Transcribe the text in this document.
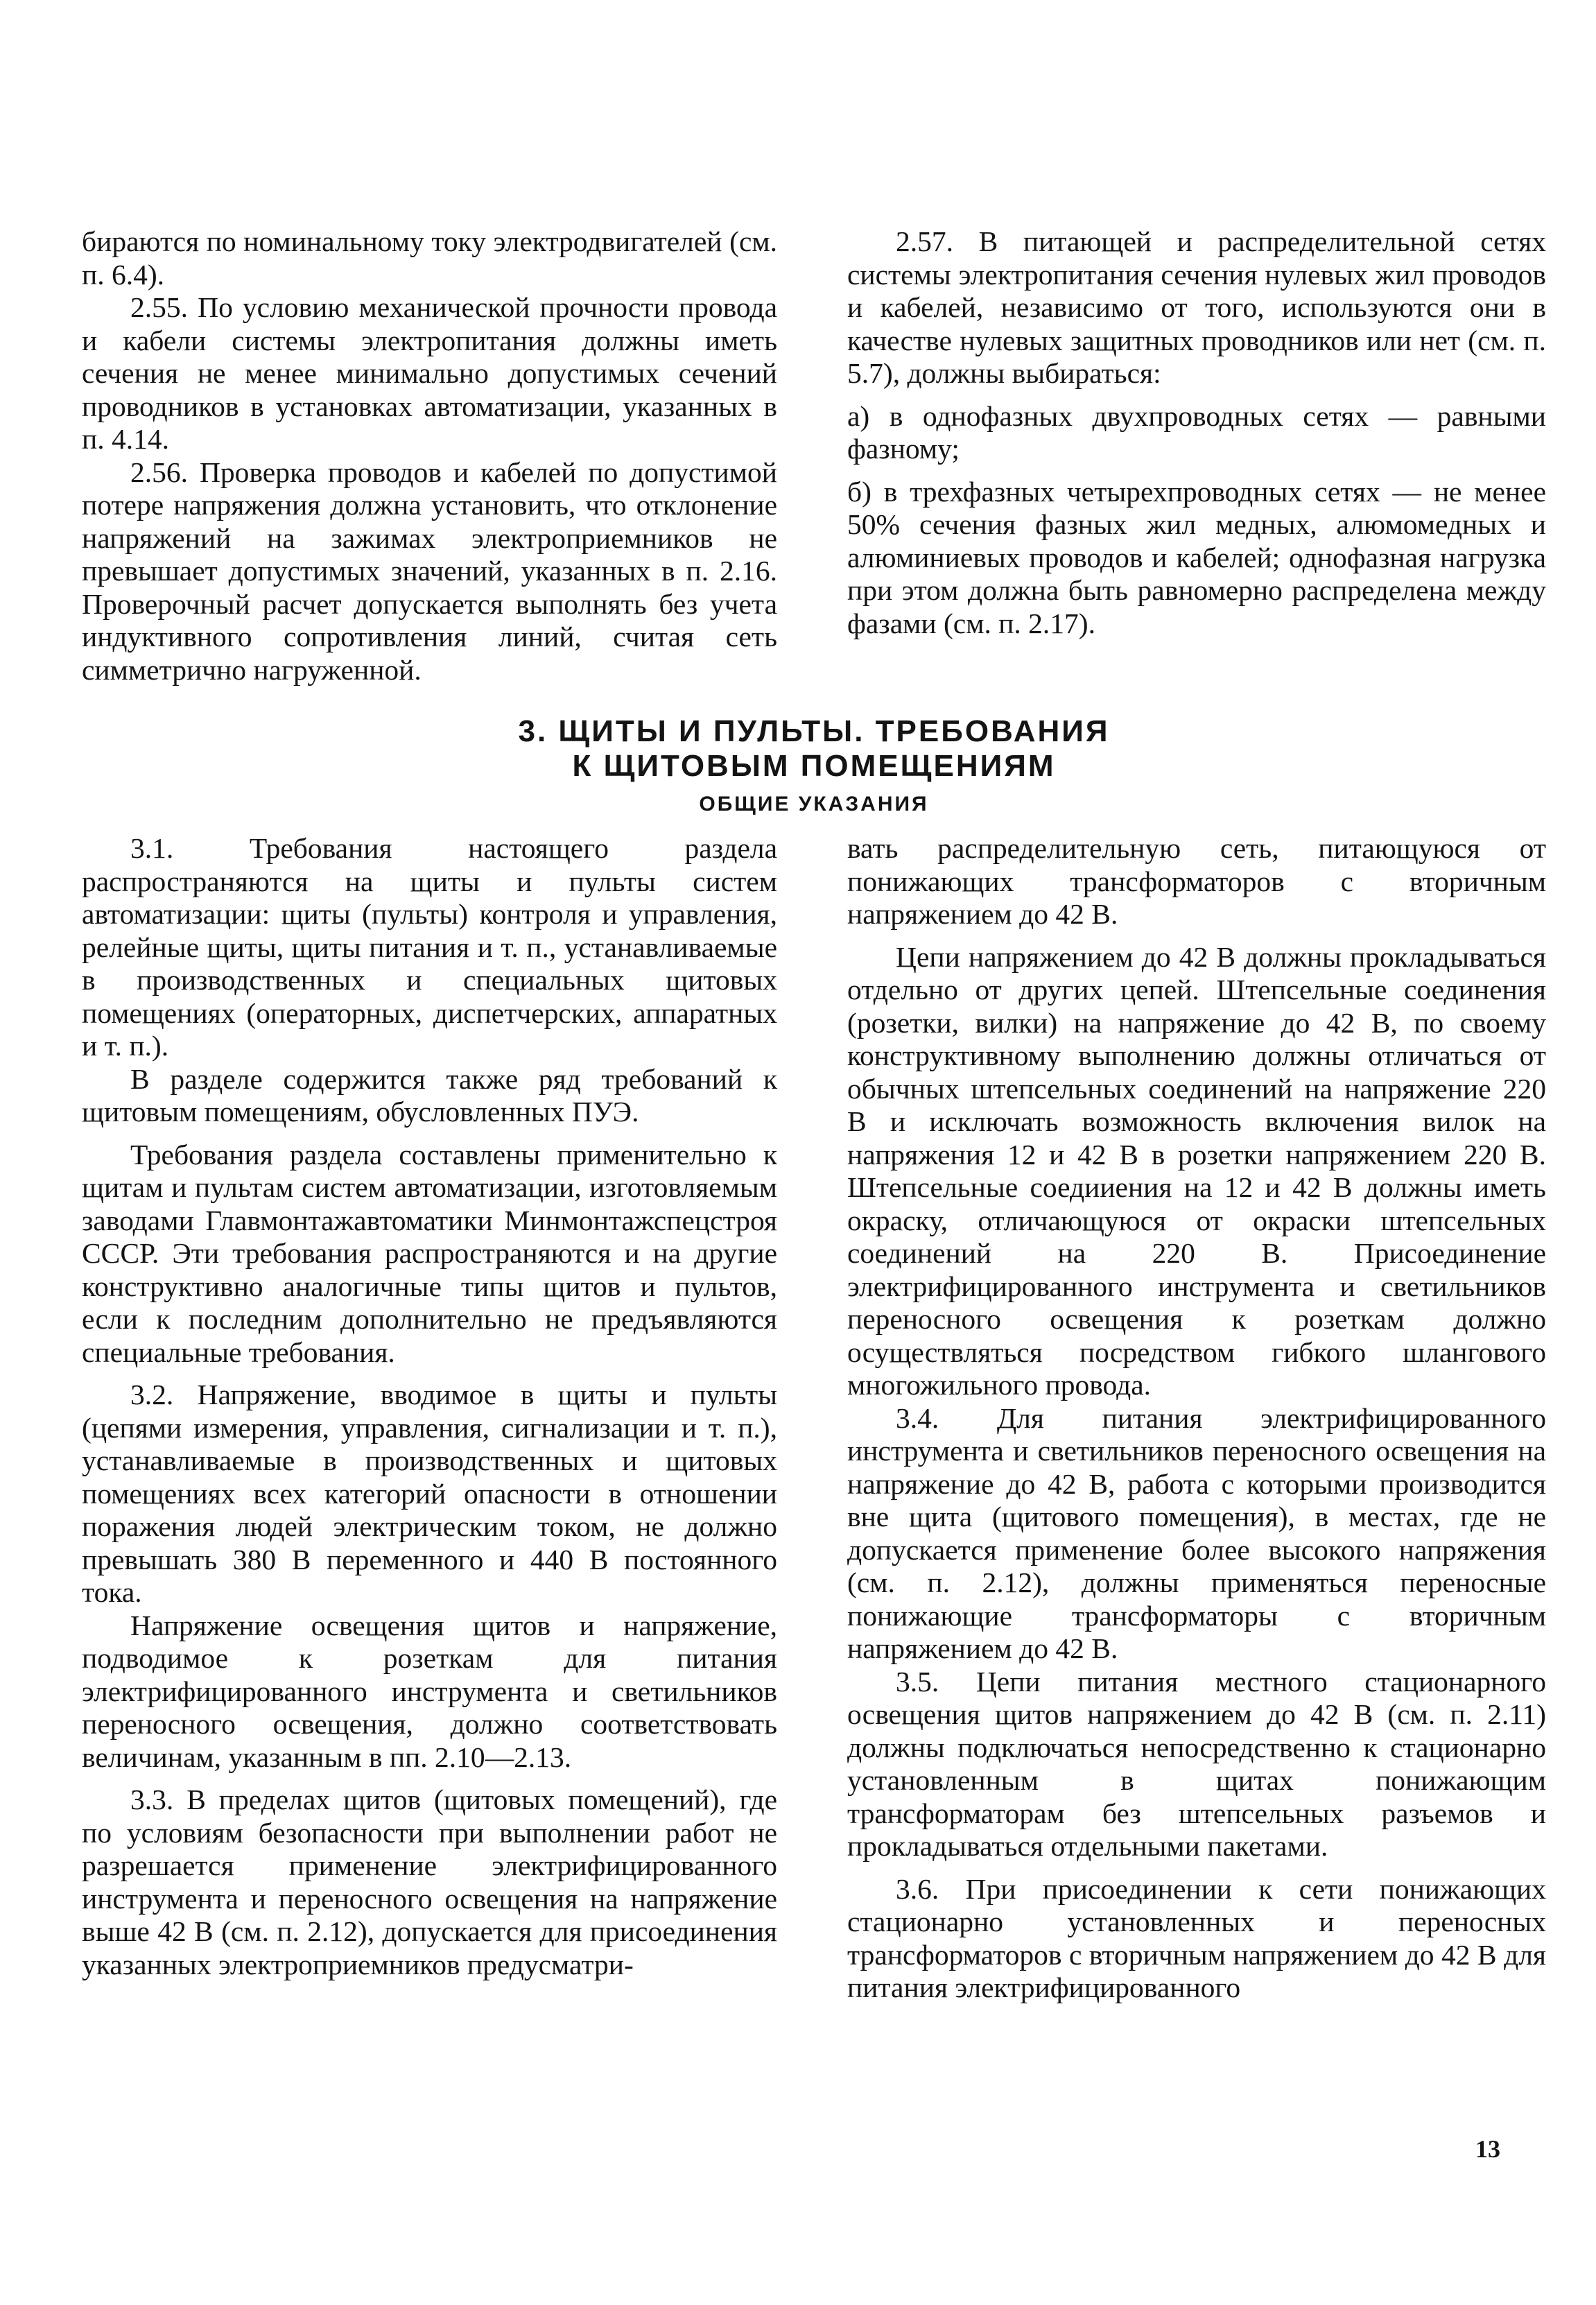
бираются по номинальному току электродвигателей (см. п. 6.4).

2.55. По условию механической прочности провода и кабели системы электропитания должны иметь сечения не менее минимально допустимых сечений проводников в установках автоматизации, указанных в п. 4.14.

2.56. Проверка проводов и кабелей по допустимой потере напряжения должна установить, что отклонение напряжений на зажимах электроприемников не превышает допустимых значений, указанных в п. 2.16. Проверочный расчет допускается выполнять без учета индуктивного сопротивления линий, считая сеть симметрично нагруженной.

2.57. В питающей и распределительной сетях системы электропитания сечения нулевых жил проводов и кабелей, независимо от того, используются они в качестве нулевых защитных проводников или нет (см. п. 5.7), должны выбираться:

а) в однофазных двухпроводных сетях — равными фазному;

б) в трехфазных четырехпроводных сетях — не менее 50% сечения фазных жил медных, алюмомедных и алюминиевых проводов и кабелей; однофазная нагрузка при этом должна быть равномерно распределена между фазами (см. п. 2.17).

3. ЩИТЫ И ПУЛЬТЫ. ТРЕБОВАНИЯ

К ЩИТОВЫМ ПОМЕЩЕНИЯМ

ОБЩИЕ УКАЗАНИЯ

3.1. Требования настоящего раздела распространяются на щиты и пульты систем автоматизации: щиты (пульты) контроля и управления, релейные щиты, щиты питания и т. п., устанавливаемые в производственных и специальных щитовых помещениях (операторных, диспетчерских, аппаратных и т. п.).

В разделе содержится также ряд требований к щитовым помещениям, обусловленных ПУЭ.

Требования раздела составлены применительно к щитам и пультам систем автоматизации, изготовляемым заводами Главмонтажавтоматики Минмонтажспецстроя СССР. Эти требования распространяются и на другие конструктивно аналогичные типы щитов и пультов, если к последним дополнительно не предъявляются специальные требования.

3.2. Напряжение, вводимое в щиты и пульты (цепями измерения, управления, сигнализации и т. п.), устанавливаемые в производственных и щитовых помещениях всех категорий опасности в отношении поражения людей электрическим током, не должно превышать 380 В переменного и 440 В постоянного тока.

Напряжение освещения щитов и напряжение, подводимое к розеткам для питания электрифицированного инструмента и светильников переносного освещения, должно соответствовать величинам, указанным в пп. 2.10—2.13.

3.3. В пределах щитов (щитовых помещений), где по условиям безопасности при выполнении работ не разрешается применение электрифицированного инструмента и переносного освещения на напряжение выше 42 В (см. п. 2.12), допускается для присоединения указанных электроприемников предусматри-

вать распределительную сеть, питающуюся от понижающих трансформаторов с вторичным напряжением до 42 В.

Цепи напряжением до 42 В должны прокладываться отдельно от других цепей. Штепсельные соединения (розетки, вилки) на напряжение до 42 В, по своему конструктивному выполнению должны отличаться от обычных штепсельных соединений на напряжение 220 В и исключать возможность включения вилок на напряжения 12 и 42 В в розетки напряжением 220 В. Штепсельные соедииения на 12 и 42 В должны иметь окраску, отличающуюся от окраски штепсельных соединений на 220 В. Присоединение электрифицированного инструмента и светильников переносного освещения к розеткам должно осуществляться посредством гибкого шлангового многожильного провода.

3.4. Для питания электрифицированного инструмента и светильников переносного освещения на напряжение до 42 В, работа с которыми производится вне щита (щитового помещения), в местах, где не допускается применение более высокого напряжения (см. п. 2.12), должны применяться переносные понижающие трансформаторы с вторичным напряжением до 42 В.

3.5. Цепи питания местного стационарного освещения щитов напряжением до 42 В (см. п. 2.11) должны подключаться непосредственно к стационарно установленным в щитах понижающим трансформаторам без штепсельных разъемов и прокладываться отдельными пакетами.

3.6. При присоединении к сети понижающих стационарно установленных и переносных трансформаторов с вторичным напряжением до 42 В для питания электрифицированного

13
